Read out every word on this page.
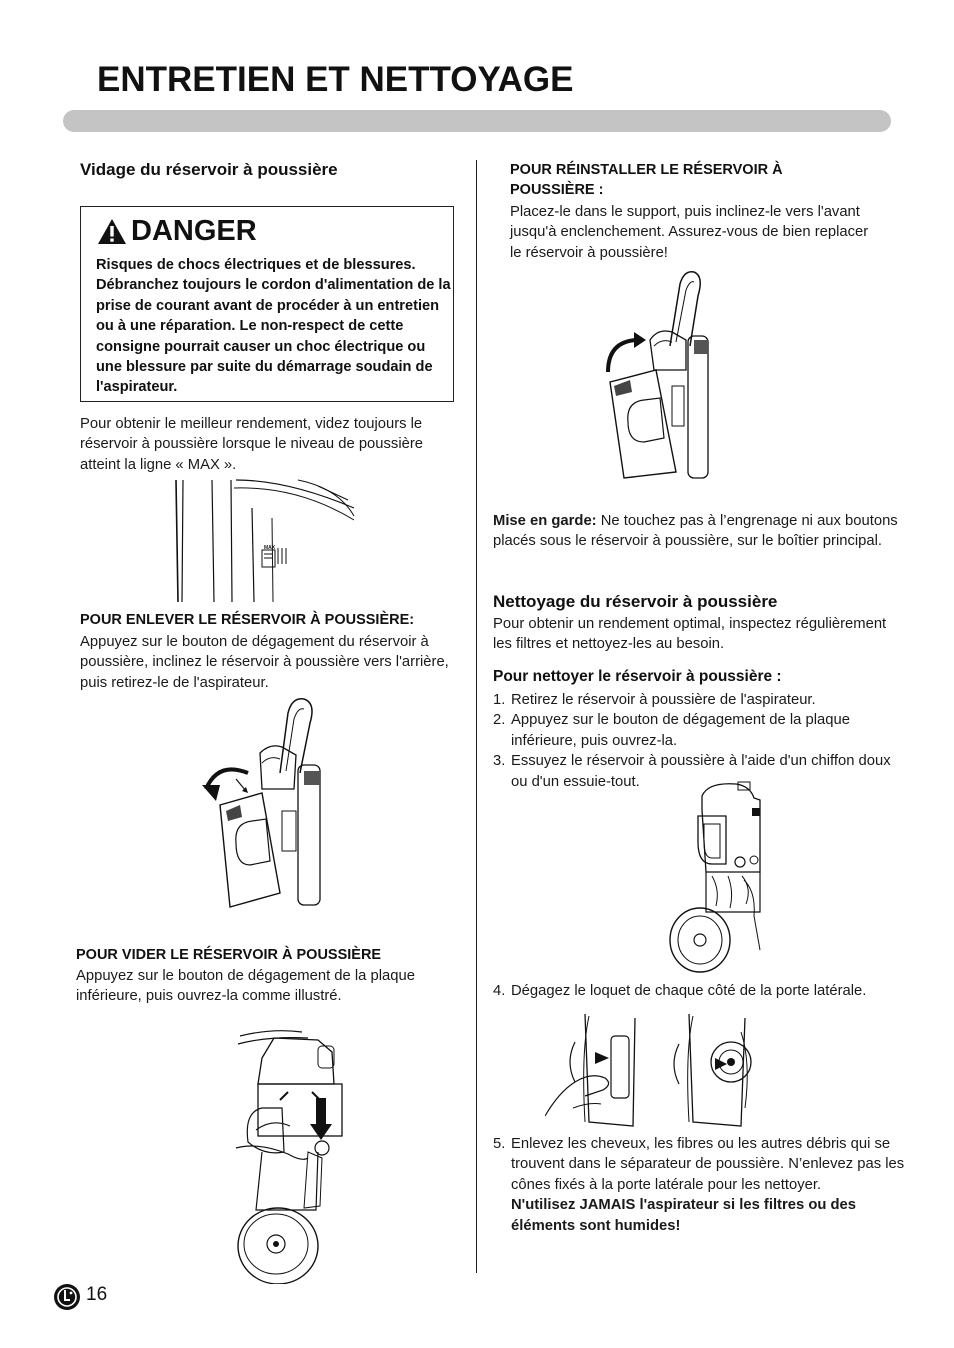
ENTRETIEN ET NETTOYAGE
Vidage du réservoir à poussière
DANGER
Risques de chocs électriques et de blessures. Débranchez toujours le cordon d'alimentation de la prise de courant avant de procéder à un entretien ou à une réparation. Le non-respect de cette consigne pourrait causer un choc électrique ou une blessure par suite du démarrage soudain de l'aspirateur.
Pour obtenir le meilleur rendement, videz toujours le réservoir à poussière lorsque le niveau de poussière atteint la ligne « MAX ».
MAX
POUR ENLEVER LE RÉSERVOIR À POUSSIÈRE:
Appuyez sur le bouton de dégagement du réservoir à poussière, inclinez le réservoir à poussière vers l'arrière, puis retirez-le de l'aspirateur.
POUR VIDER LE RÉSERVOIR À POUSSIÈRE
Appuyez sur le bouton de dégagement de la plaque inférieure, puis ouvrez-la comme illustré.
16
POUR RÉINSTALLER LE RÉSERVOIR À POUSSIÈRE :
Placez-le dans le support, puis inclinez-le vers l'avant jusqu'à enclenchement. Assurez-vous de bien replacer le réservoir à poussière!
Mise en garde: Ne touchez pas à l’engrenage ni aux boutons placés sous le réservoir à poussière, sur le boîtier principal.
Nettoyage du réservoir à poussière
Pour obtenir un rendement optimal, inspectez régulièrement les filtres et nettoyez-les au besoin.
Pour nettoyer le réservoir à poussière :
1. Retirez le réservoir à poussière de l'aspirateur.
2. Appuyez sur le bouton de dégagement de la plaque inférieure, puis ouvrez-la.
3. Essuyez le réservoir à poussière à l'aide d'un chiffon doux ou d'un essuie-tout.
4. Dégagez le loquet de chaque côté de la porte latérale.
5. Enlevez les cheveux, les fibres ou les autres débris qui se trouvent dans le séparateur de poussière. N’enlevez pas les cônes fixés à la porte latérale pour les nettoyer.
N'utilisez JAMAIS l'aspirateur si les filtres ou des éléments sont humides!
